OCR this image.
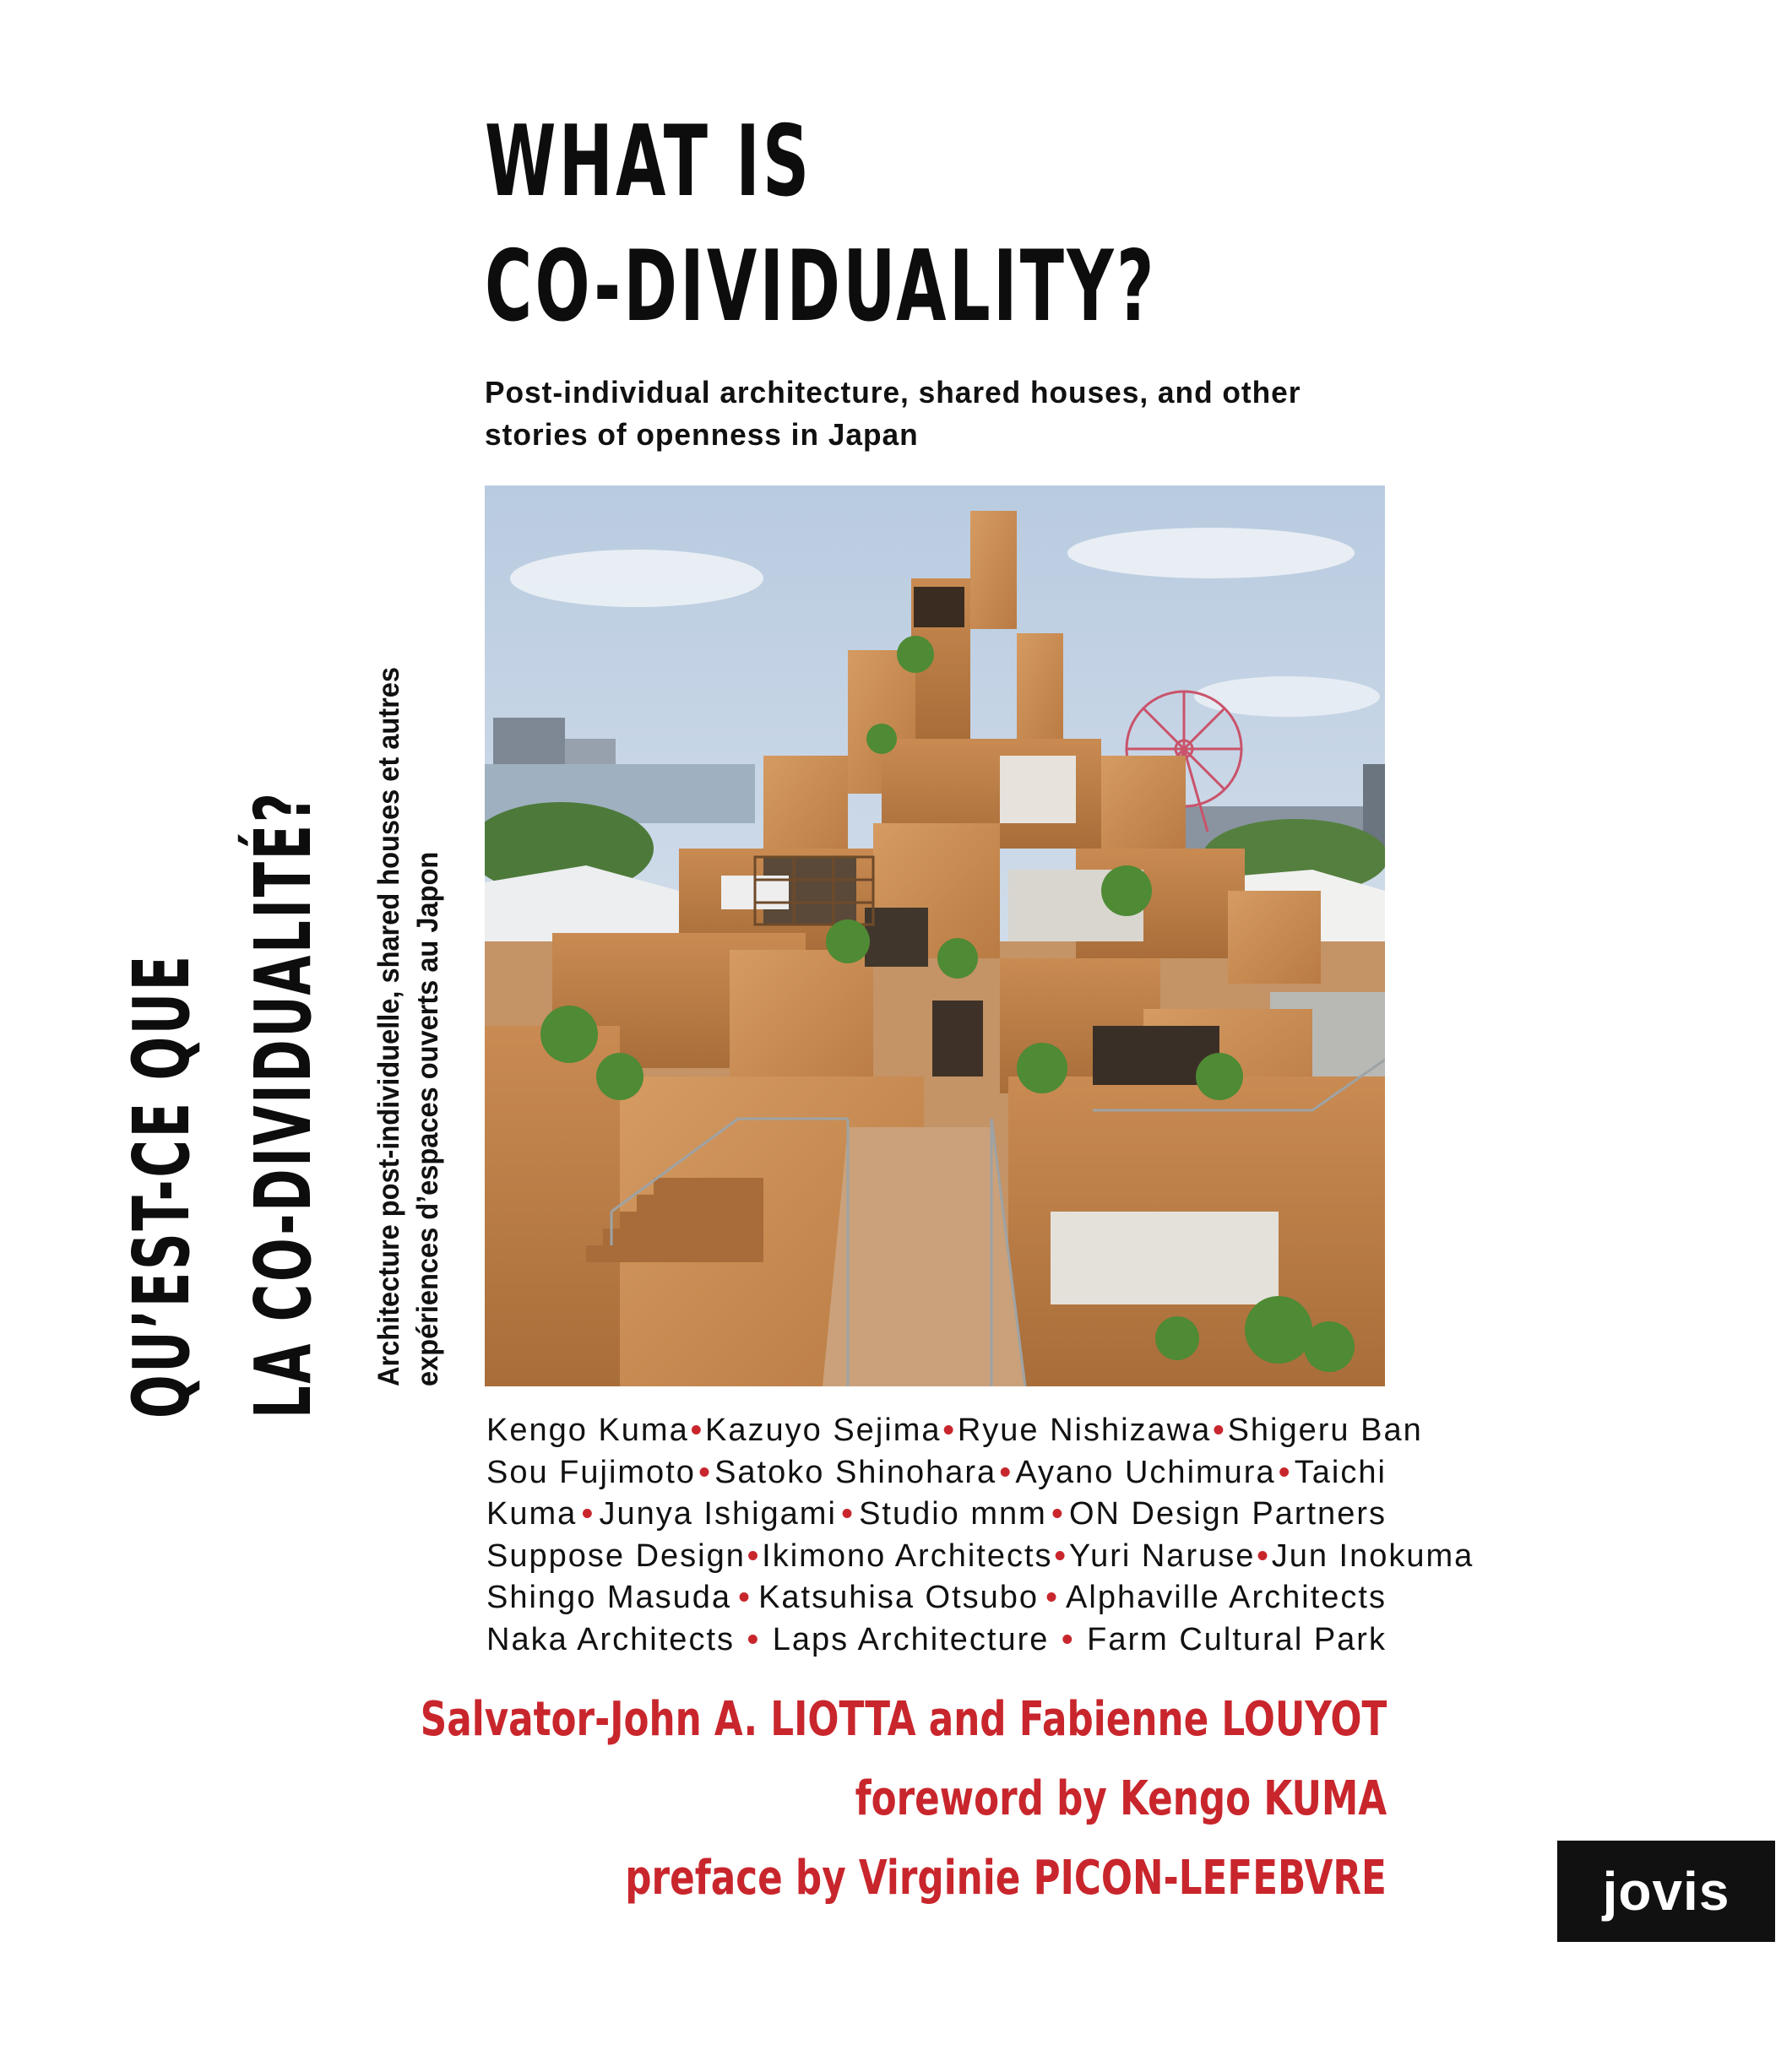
WHAT IS
CO-DIVIDUALITY?
Post-individual architecture, shared houses, and other
stories of openness in Japan
QU’EST-CE QUE LA CO-DIVIDUALITÉ?	Architecture post-individuelle, shared houses et autres expériences d’espaces ouverts au Japon
Kengo Kuma • Kazuyo Sejima • Ryue Nishizawa • Shigeru Ban
Sou Fujimoto • Satoko Shinohara • Ayano Uchimura • Taichi
Kuma • Junya Ishigami • Studio mnm • ON Design Partners
Suppose Design • Ikimono Architects • Yuri Naruse • Jun Inokuma
Shingo Masuda • Katsuhisa Otsubo • Alphaville Architects
Naka Architects • Laps Architecture • Farm Cultural Park
Salvator-John A. LIOTTA and Fabienne LOUYOT
foreword by Kengo KUMA
preface by Virginie PICON-LEFEBVRE	jovis
